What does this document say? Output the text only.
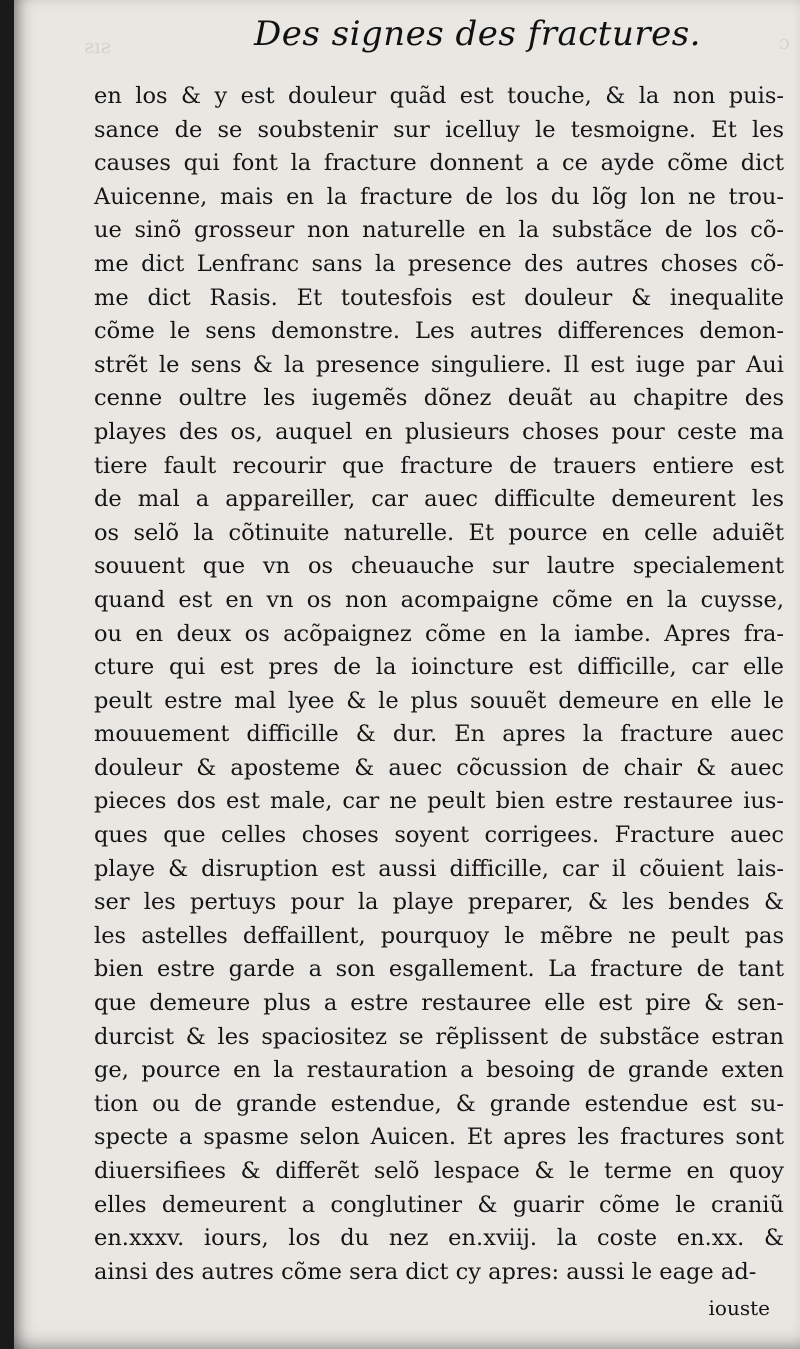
ƨıƨ	ɔ
Des signes des fractures.
en los & y est douleur quãd est touche, & la non puis-
sance de se soubstenir sur icelluy le tesmoigne. Et les
causes qui font la fracture donnent a ce ayde cõme dict
Auicenne, mais en la fracture de los du lõg lon ne trou-
ue sinõ grosseur non naturelle en la substãce de los cõ-
me dict Lenfranc sans la presence des autres choses cõ-
me dict Rasis. Et toutesfois est douleur & inequalite
cõme le sens demonstre. Les autres differences demon-
strẽt le sens & la presence singuliere. Il est iuge par Aui
cenne oultre les iugemẽs dõnez deuãt au chapitre des
playes des os, auquel en plusieurs choses pour ceste ma
tiere fault recourir que fracture de trauers entiere est
de mal a appareiller, car auec difficulte demeurent les
os selõ la cõtinuite naturelle. Et pource en celle aduiẽt
souuent que vn os cheuauche sur lautre specialement
quand est en vn os non acompaigne cõme en la cuysse,
ou en deux os acõpaignez cõme en la iambe. Apres fra-
cture qui est pres de la ioincture est difficille, car elle
peult estre mal lyee & le plus souuẽt demeure en elle le
mouuement difficille & dur. En apres la fracture auec
douleur & aposteme & auec cõcussion de chair & auec
pieces dos est male, car ne peult bien estre restauree ius-
ques que celles choses soyent corrigees. Fracture auec
playe & disruption est aussi difficille, car il cõuient lais-
ser les pertuys pour la playe preparer, & les bendes &
les astelles deffaillent, pourquoy le mẽbre ne peult pas
bien estre garde a son esgallement. La fracture de tant
que demeure plus a estre restauree elle est pire & sen-
durcist & les spaciositez se rẽplissent de substãce estran
ge, pource en la restauration a besoing de grande exten
tion ou de grande estendue, & grande estendue est su-
specte a spasme selon Auicen. Et apres les fractures sont
diuersifiees & differẽt selõ lespace & le terme en quoy
elles demeurent a conglutiner & guarir cõme le craniũ
en.xxxv. iours, los du nez en.xviij. la coste en.xx. &
ainsi des autres cõme sera dict cy apres: aussi le eage ad-
iouste
